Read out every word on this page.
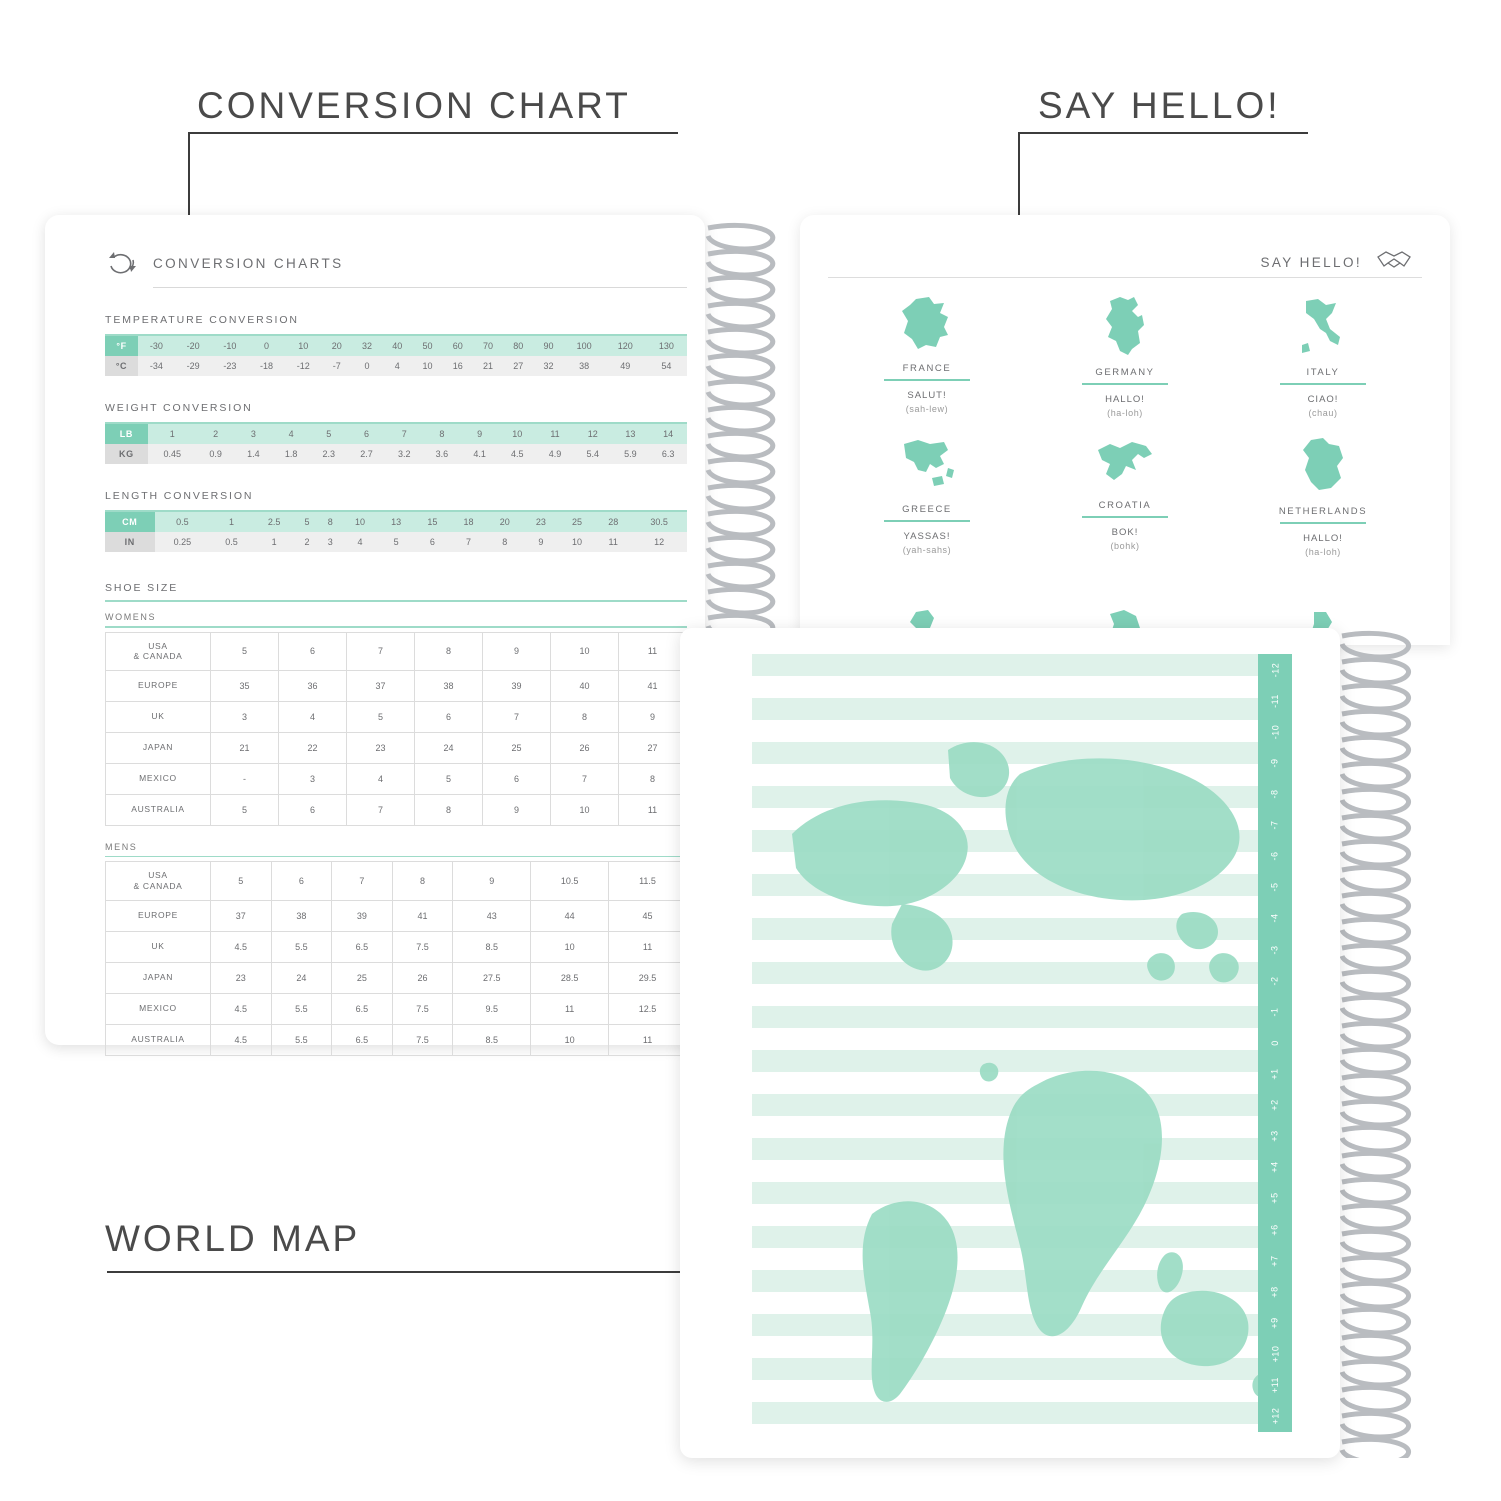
CONVERSION CHART	SAY HELLO!
WORLD MAP
CONVERSION CHARTS
TEMPERATURE CONVERSION
°F	-30	-20	-10	0	10	20	32	40	50	60	70	80	90	100	120	130
°C	-34	-29	-23	-18	-12	-7	0	4	10	16	21	27	32	38	49	54
WEIGHT CONVERSION
LB	1	2	3	4	5	6	7	8	9	10	11	12	13	14
KG	0.45	0.9	1.4	1.8	2.3	2.7	3.2	3.6	4.1	4.5	4.9	5.4	5.9	6.3
LENGTH CONVERSION
CM	0.5	1	2.5	5	8	10	13	15	18	20	23	25	28	30.5
IN	0.25	0.5	1	2	3	4	5	6	7	8	9	10	11	12
SHOE SIZE
WOMENS
USA
& CANADA	5	6	7	8	9	10	11
EUROPE	35	36	37	38	39	40	41
UK	3	4	5	6	7	8	9
JAPAN	21	22	23	24	25	26	27
MEXICO	-	3	4	5	6	7	8
AUSTRALIA	5	6	7	8	9	10	11
MENS
USA
& CANADA	5	6	7	8	9	10.5	11.5
EUROPE	37	38	39	41	43	44	45
UK	4.5	5.5	6.5	7.5	8.5	10	11
JAPAN	23	24	25	26	27.5	28.5	29.5
MEXICO	4.5	5.5	6.5	7.5	9.5	11	12.5
AUSTRALIA	4.5	5.5	6.5	7.5	8.5	10	11
SAY HELLO!
FRANCE
SALUT!
(sah-lew)
GERMANY
HALLO!
(ha-loh)
ITALY
CIAO!
(chau)
GREECE
YASSAS!
(yah-sahs)
CROATIA
BOK!
(bohk)
NETHERLANDS
HALLO!
(ha-loh)
-12
-11
-10
-9
-8
-7
-6
-5
-4
-3
-2
-1
0
+1
+2
+3
+4
+5
+6
+7
+8
+9
+10
+11
+12
